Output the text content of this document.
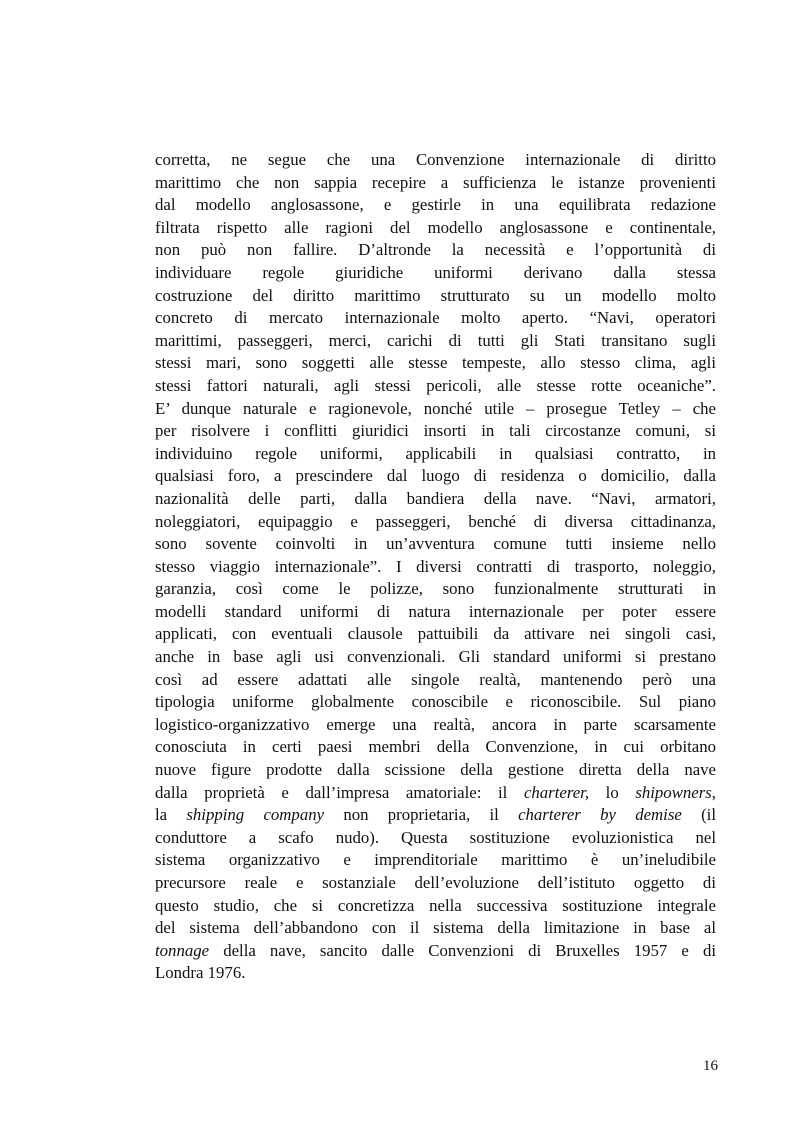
corretta, ne segue che una Convenzione internazionale di diritto
marittimo che non sappia recepire a sufficienza le istanze provenienti
dal modello anglosassone, e gestirle in una equilibrata redazione
filtrata rispetto alle ragioni del modello anglosassone e continentale,
non può non fallire. D’altronde la necessità e l’opportunità di
individuare regole giuridiche uniformi derivano dalla stessa
costruzione del diritto marittimo strutturato su un modello molto
concreto di mercato internazionale molto aperto. “Navi, operatori
marittimi, passeggeri, merci, carichi di tutti gli Stati transitano sugli
stessi mari, sono soggetti alle stesse tempeste, allo stesso clima, agli
stessi fattori naturali, agli stessi pericoli, alle stesse rotte oceaniche”.
E’ dunque naturale e ragionevole, nonché utile – prosegue Tetley – che
per risolvere i conflitti giuridici insorti in tali circostanze comuni, si
individuino regole uniformi, applicabili in qualsiasi contratto, in
qualsiasi foro, a prescindere dal luogo di residenza o domicilio, dalla
nazionalità delle parti, dalla bandiera della nave. “Navi, armatori,
noleggiatori, equipaggio e passeggeri, benché di diversa cittadinanza,
sono sovente coinvolti in un’avventura comune tutti insieme nello
stesso viaggio internazionale”. I diversi contratti di trasporto, noleggio,
garanzia, così come le polizze, sono funzionalmente strutturati in
modelli standard uniformi di natura internazionale per poter essere
applicati, con eventuali clausole pattuibili da attivare nei singoli casi,
anche in base agli usi convenzionali. Gli standard uniformi si prestano
così ad essere adattati alle singole realtà, mantenendo però una
tipologia uniforme globalmente conoscibile e riconoscibile. Sul piano
logistico-organizzativo emerge una realtà, ancora in parte scarsamente
conosciuta in certi paesi membri della Convenzione, in cui orbitano
nuove figure prodotte dalla scissione della gestione diretta della nave
dalla proprietà e dall’impresa amatoriale: il charterer, lo shipowners,
la shipping company non proprietaria, il charterer by demise (il
conduttore a scafo nudo). Questa sostituzione evoluzionistica nel
sistema organizzativo e imprenditoriale marittimo è un’ineludibile
precursore reale e sostanziale dell’evoluzione dell’istituto oggetto di
questo studio, che si concretizza nella successiva sostituzione integrale
del sistema dell’abbandono con il sistema della limitazione in base al
tonnage della nave, sancito dalle Convenzioni di Bruxelles 1957 e di
Londra 1976.
16
